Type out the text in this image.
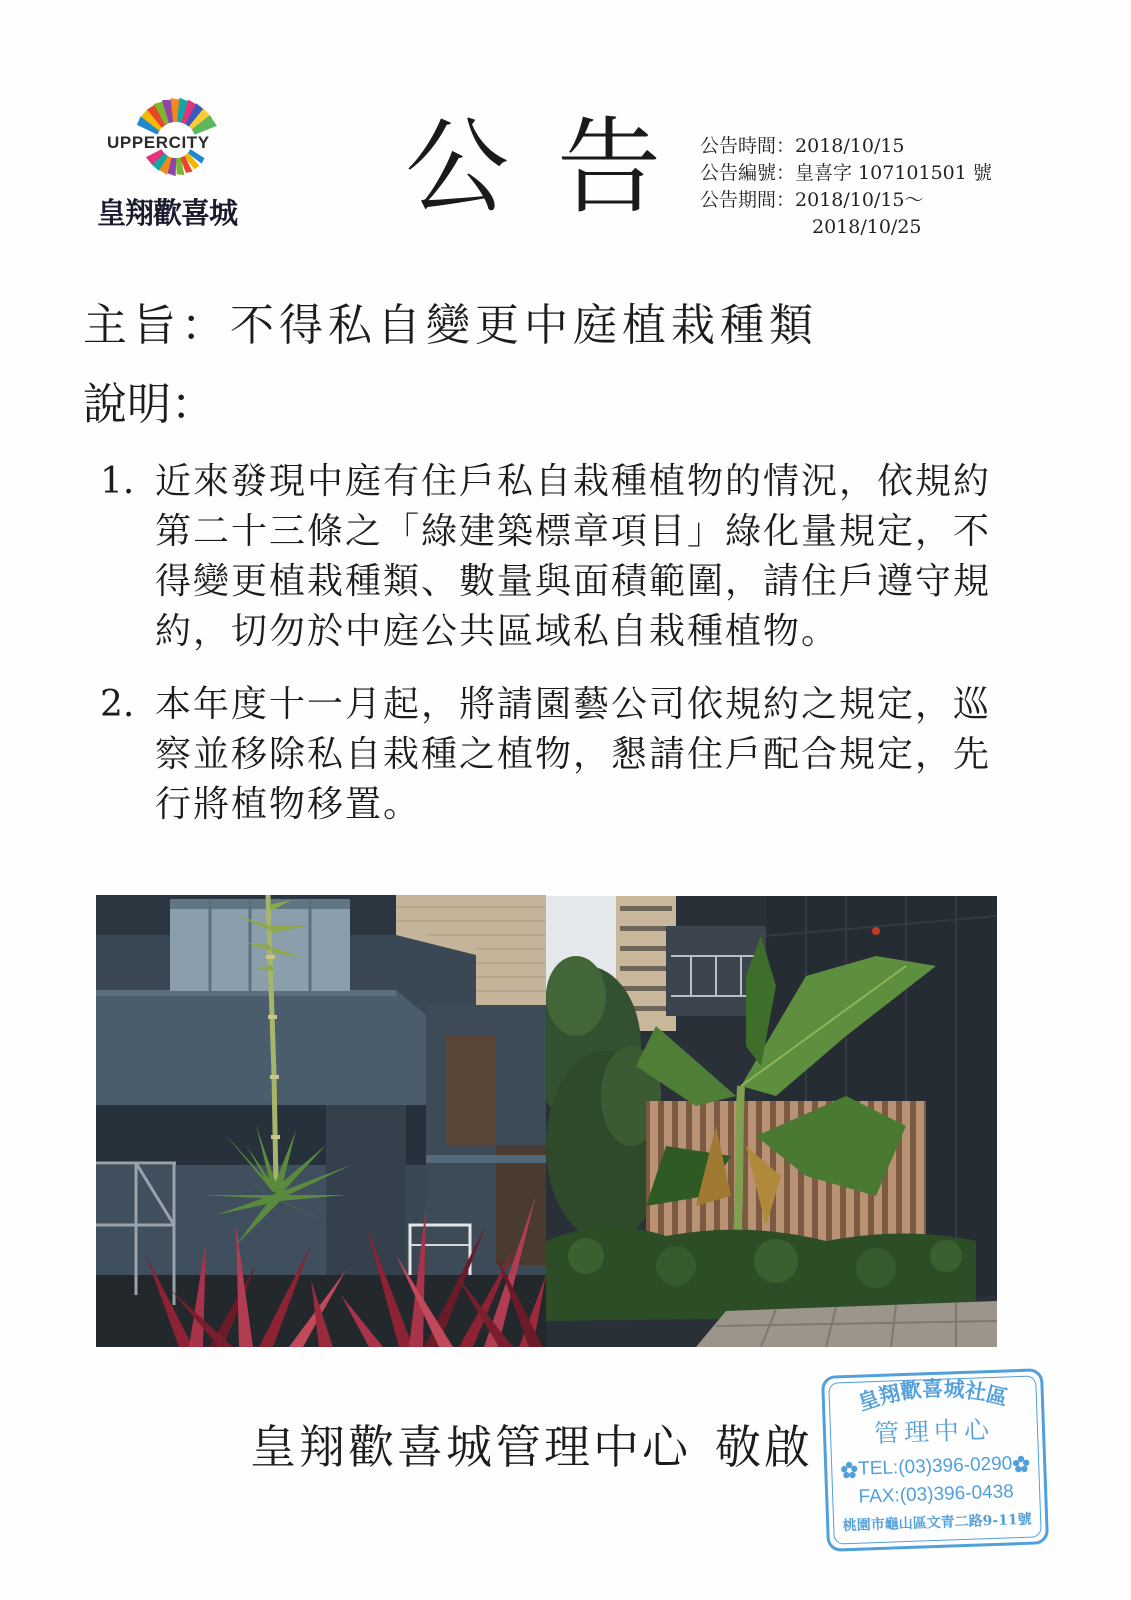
UPPERCITY
皇翔歡喜城 公告
公告時間：2018/10/15
公告編號：皇喜字 107101501 號
公告期間：2018/10/15～
2018/10/25
主旨：不得私自變更中庭植栽種類
說明：
1. 近來發現中庭有住戶私自栽種植物的情況，依規約
第二十三條之「綠建築標章項目」綠化量規定，不
得變更植栽種類、數量與面積範圍，請住戶遵守規
約，切勿於中庭公共區域私自栽種植物。
2. 本年度十一月起，將請園藝公司依規約之規定，巡
察並移除私自栽種之植物，懇請住戶配合規定，先
行將植物移置。
皇翔歡喜城管理中心 敬啟
皇翔歡喜城社區
管理中心
TEL:(03)396-0290
FAX:(03)396-0438
桃園市龜山區文青二路9-11號
